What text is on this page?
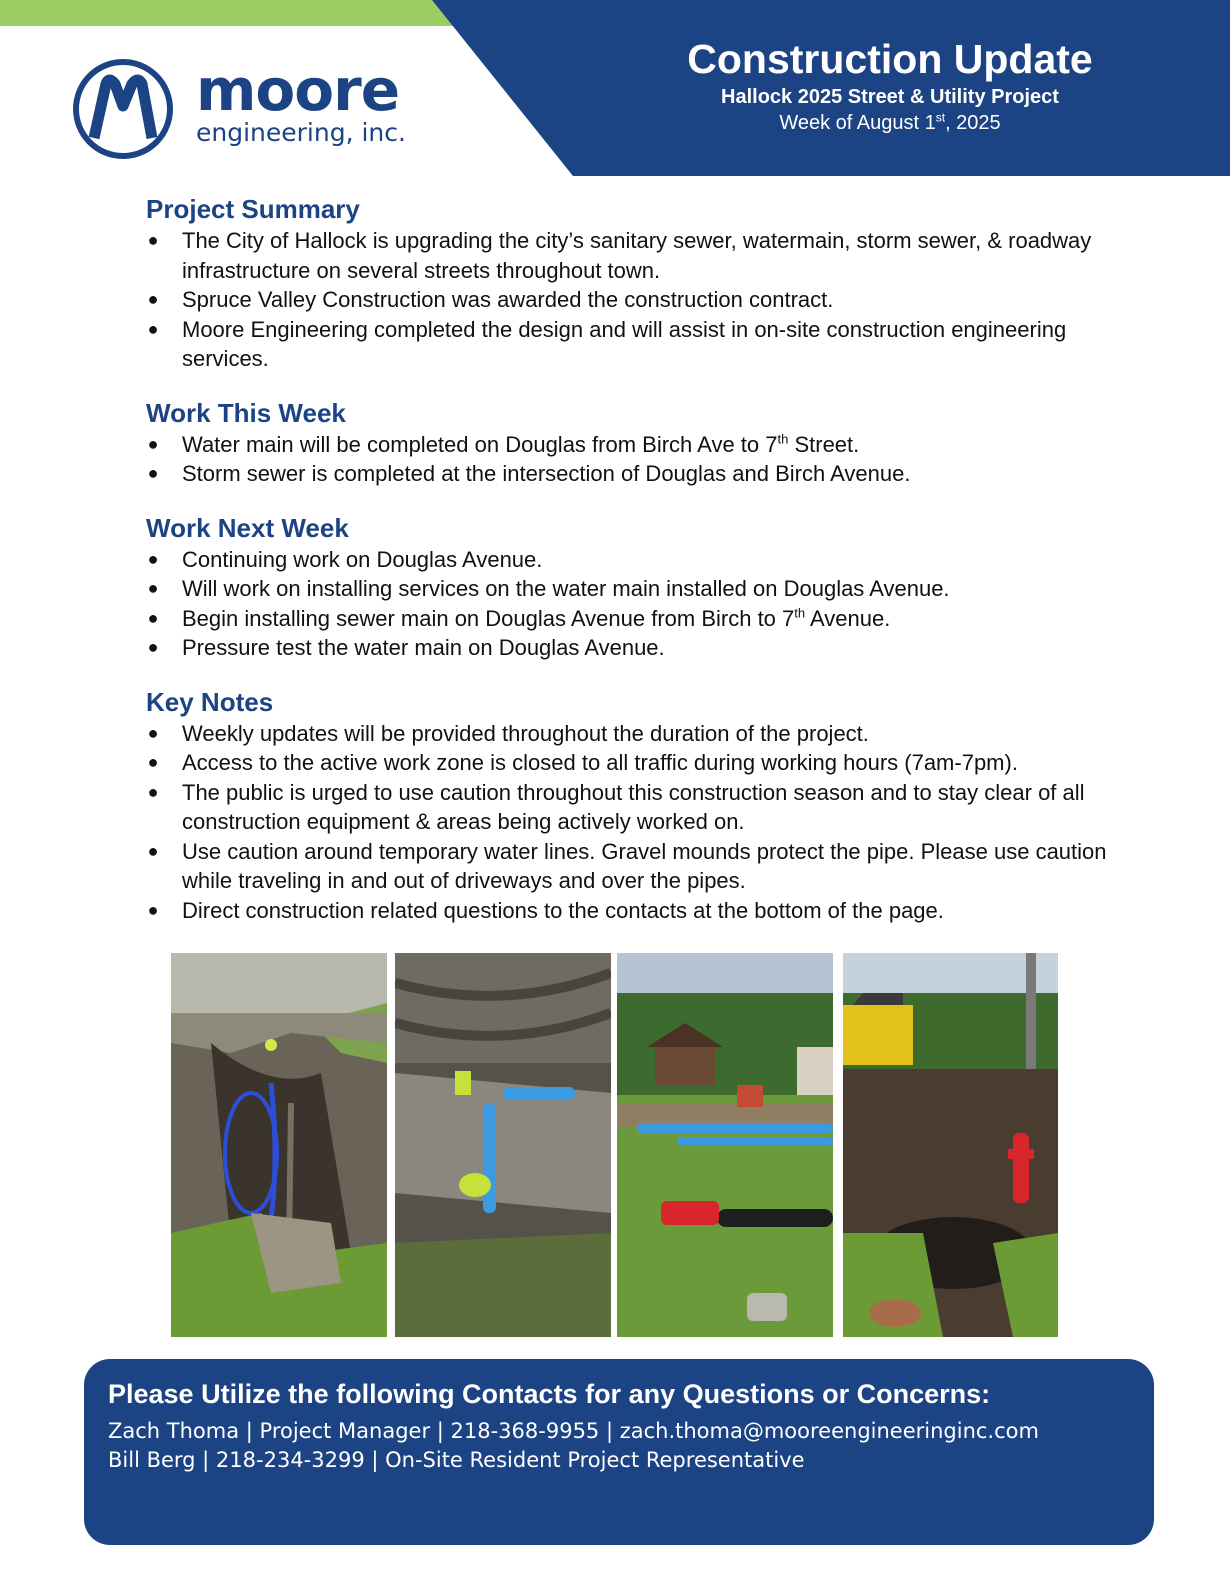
moore
engineering, inc.
Construction Update
Hallock 2025 Street & Utility Project
Week of August 1st, 2025
Project Summary
● The City of Hallock is upgrading the city’s sanitary sewer, watermain, storm sewer, & roadway infrastructure on several streets throughout town.
● Spruce Valley Construction was awarded the construction contract.
● Moore Engineering completed the design and will assist in on-site construction engineering services.
Work This Week
● Water main will be completed on Douglas from Birch Ave to 7th Street.
● Storm sewer is completed at the intersection of Douglas and Birch Avenue.
Work Next Week
● Continuing work on Douglas Avenue.
● Will work on installing services on the water main installed on Douglas Avenue.
● Begin installing sewer main on Douglas Avenue from Birch to 7th Avenue.
● Pressure test the water main on Douglas Avenue.
Key Notes
● Weekly updates will be provided throughout the duration of the project.
● Access to the active work zone is closed to all traffic during working hours (7am-7pm).
● The public is urged to use caution throughout this construction season and to stay clear of all construction equipment & areas being actively worked on.
● Use caution around temporary water lines. Gravel mounds protect the pipe. Please use caution while traveling in and out of driveways and over the pipes.
● Direct construction related questions to the contacts at the bottom of the page.
Please Utilize the following Contacts for any Questions or Concerns:
Zach Thoma | Project Manager | 218-368-9955 | zach.thoma@mooreengineeringinc.com
Bill Berg | 218-234-3299 | On-Site Resident Project Representative
